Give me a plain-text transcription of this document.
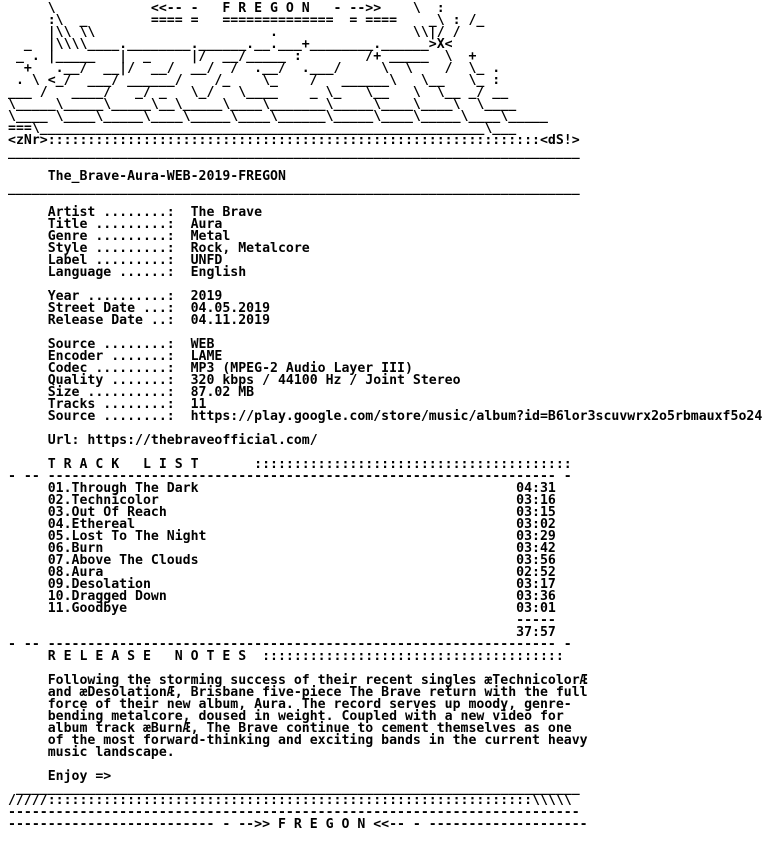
\            <<-- -   F R E G O N   - -->>    \  :
:\  _        ==== =   ==============  = ====    _\ : /_
|\\ \\                      .                 \\|/ /
_  |\\\\____.________.______.__.___+________.______>X<
_ . |_____   |  _     |/  __/_____ :        /+ _____  \  +
+   .__/  __|/  __/  __/  /  .__/  .___/     \  \    /  \_ .
. \ <_/  ___/ ______/    /_    \_    /   ______\   \__   \_ :
___ /   ____/   _/ _   \_/   \____    _ \_   \__   \  \__ _/ __
\_____\_____\_____\__\_____\____\_______\_____\____\____\  \____
\____ \____\_____\____\_____\____\______\_____\____\_____\____\_____
===\________________________________________________________\___
<zNr>::::::::::::::::::::::::::::::::::::::::::::::::::::::::::::::<dS!>
________________________________________________________________________
The_Brave-Aura-WEB-2019-FREGON
________________________________________________________________________
Artist ........:  The Brave
Title .........:  Aura
Genre .........:  Metal
Style .........:  Rock, Metalcore
Label .........:  UNFD
Language ......:  English
Year ..........:  2019
Street Date ...:  04.05.2019
Release Date ..:  04.11.2019
Source ........:  WEB
Encoder .......:  LAME
Codec .........:  MP3 (MPEG-2 Audio Layer III)
Quality .......:  320 kbps / 44100 Hz / Joint Stereo
Size ..........:  87.02 MB
Tracks ........:  11
Source ........:  https://play.google.com/store/music/album?id=B6lor3scuvwrx2o5rbmauxf5o24
Url: https://thebraveofficial.com/
T R A C K   L I S T       ::::::::::::::::::::::::::::::::::::::::
- -- ---------------------------------------------------------------- -
01.Through The Dark                                        04:31
02.Technicolor                                             03:16
03.Out Of Reach                                            03:15
04.Ethereal                                                03:02
05.Lost To The Night                                       03:29
06.Burn                                                    03:42
07.Above The Clouds                                        03:56
08.Aura                                                    02:52
09.Desolation                                              03:17
10.Dragged Down                                            03:36
11.Goodbye                                                 03:01
-----
37:57
- -- ---------------------------------------------------------------- -
R E L E A S E   N O T E S  ::::::::::::::::::::::::::::::::::::::
Following the storming success of their recent singles æTechnicolorÆ
and æDesolationÆ, Brisbane five-piece The Brave return with the full
force of their new album, Aura. The record serves up moody, genre-
bending metalcore, doused in weight. Coupled with a new video for
album track æBurnÆ, The Brave continue to cement themselves as one
of the most forward-thinking and exciting bands in the current heavy
music landscape.
Enjoy =>
_______________________________________________________________________
/////:::::::::::::::::::::::::::::::::::::::::::::::::::::::::::::\\\\\
------------------------------------------------------------------------
-------------------------- - -->> F R E G O N <<-- - --------------------
